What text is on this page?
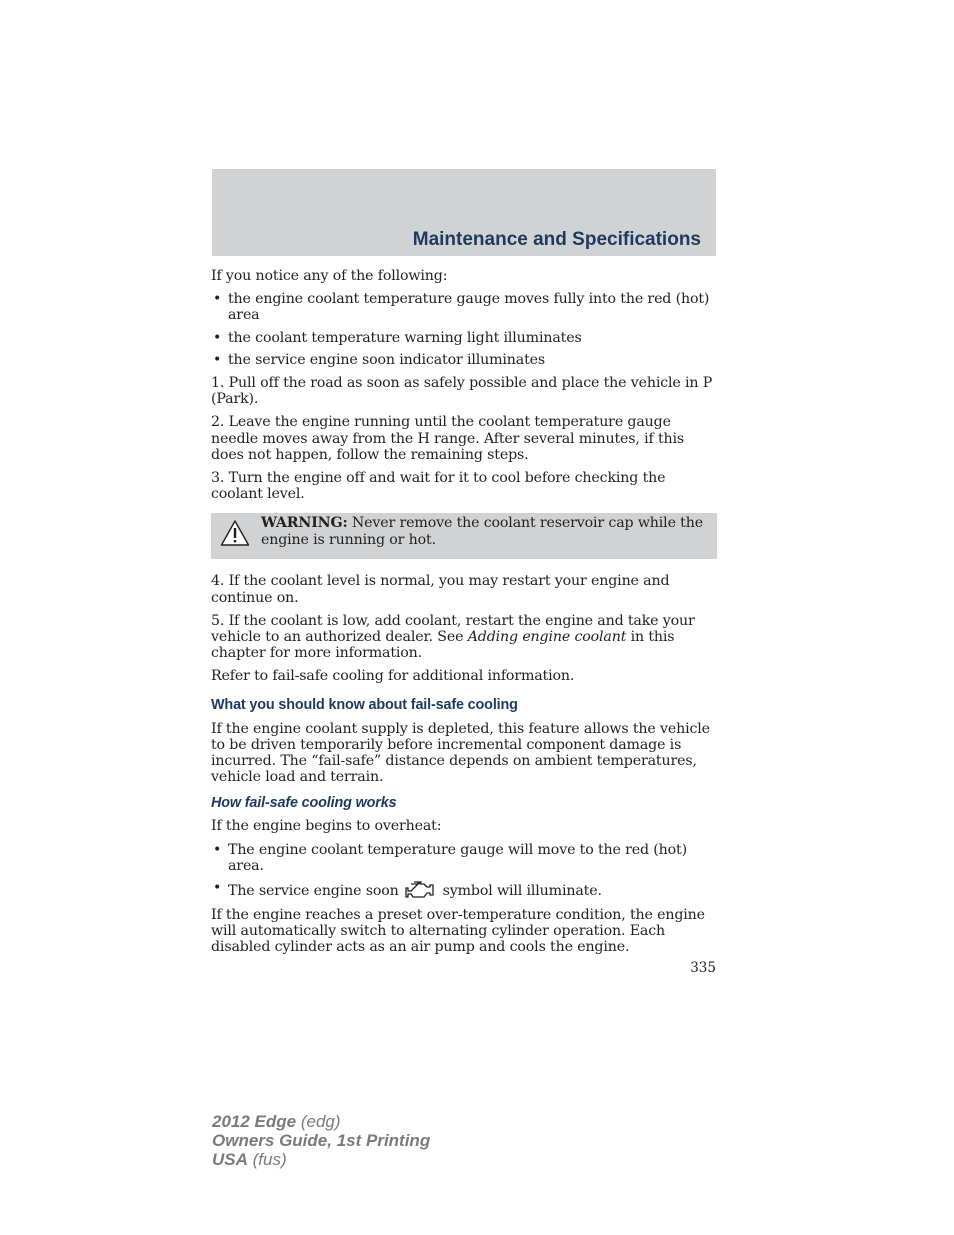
Maintenance and Specifications

If you notice any of the following:

• the engine coolant temperature gauge moves fully into the red (hot) area
• the coolant temperature warning light illuminates
• the service engine soon indicator illuminates

1. Pull off the road as soon as safely possible and place the vehicle in P (Park).

2. Leave the engine running until the coolant temperature gauge needle moves away from the H range. After several minutes, if this does not happen, follow the remaining steps.

3. Turn the engine off and wait for it to cool before checking the coolant level.

WARNING: Never remove the coolant reservoir cap while the engine is running or hot.

4. If the coolant level is normal, you may restart your engine and continue on.

5. If the coolant is low, add coolant, restart the engine and take your vehicle to an authorized dealer. See Adding engine coolant in this chapter for more information.

Refer to fail-safe cooling for additional information.

What you should know about fail-safe cooling

If the engine coolant supply is depleted, this feature allows the vehicle to be driven temporarily before incremental component damage is incurred. The “fail-safe” distance depends on ambient temperatures, vehicle load and terrain.

How fail-safe cooling works

If the engine begins to overheat:

• The engine coolant temperature gauge will move to the red (hot) area.
• The service engine soon	symbol will illuminate.

If the engine reaches a preset over-temperature condition, the engine will automatically switch to alternating cylinder operation. Each disabled cylinder acts as an air pump and cools the engine.

335
2012 Edge (edg)
Owners Guide, 1st Printing
USA (fus)
